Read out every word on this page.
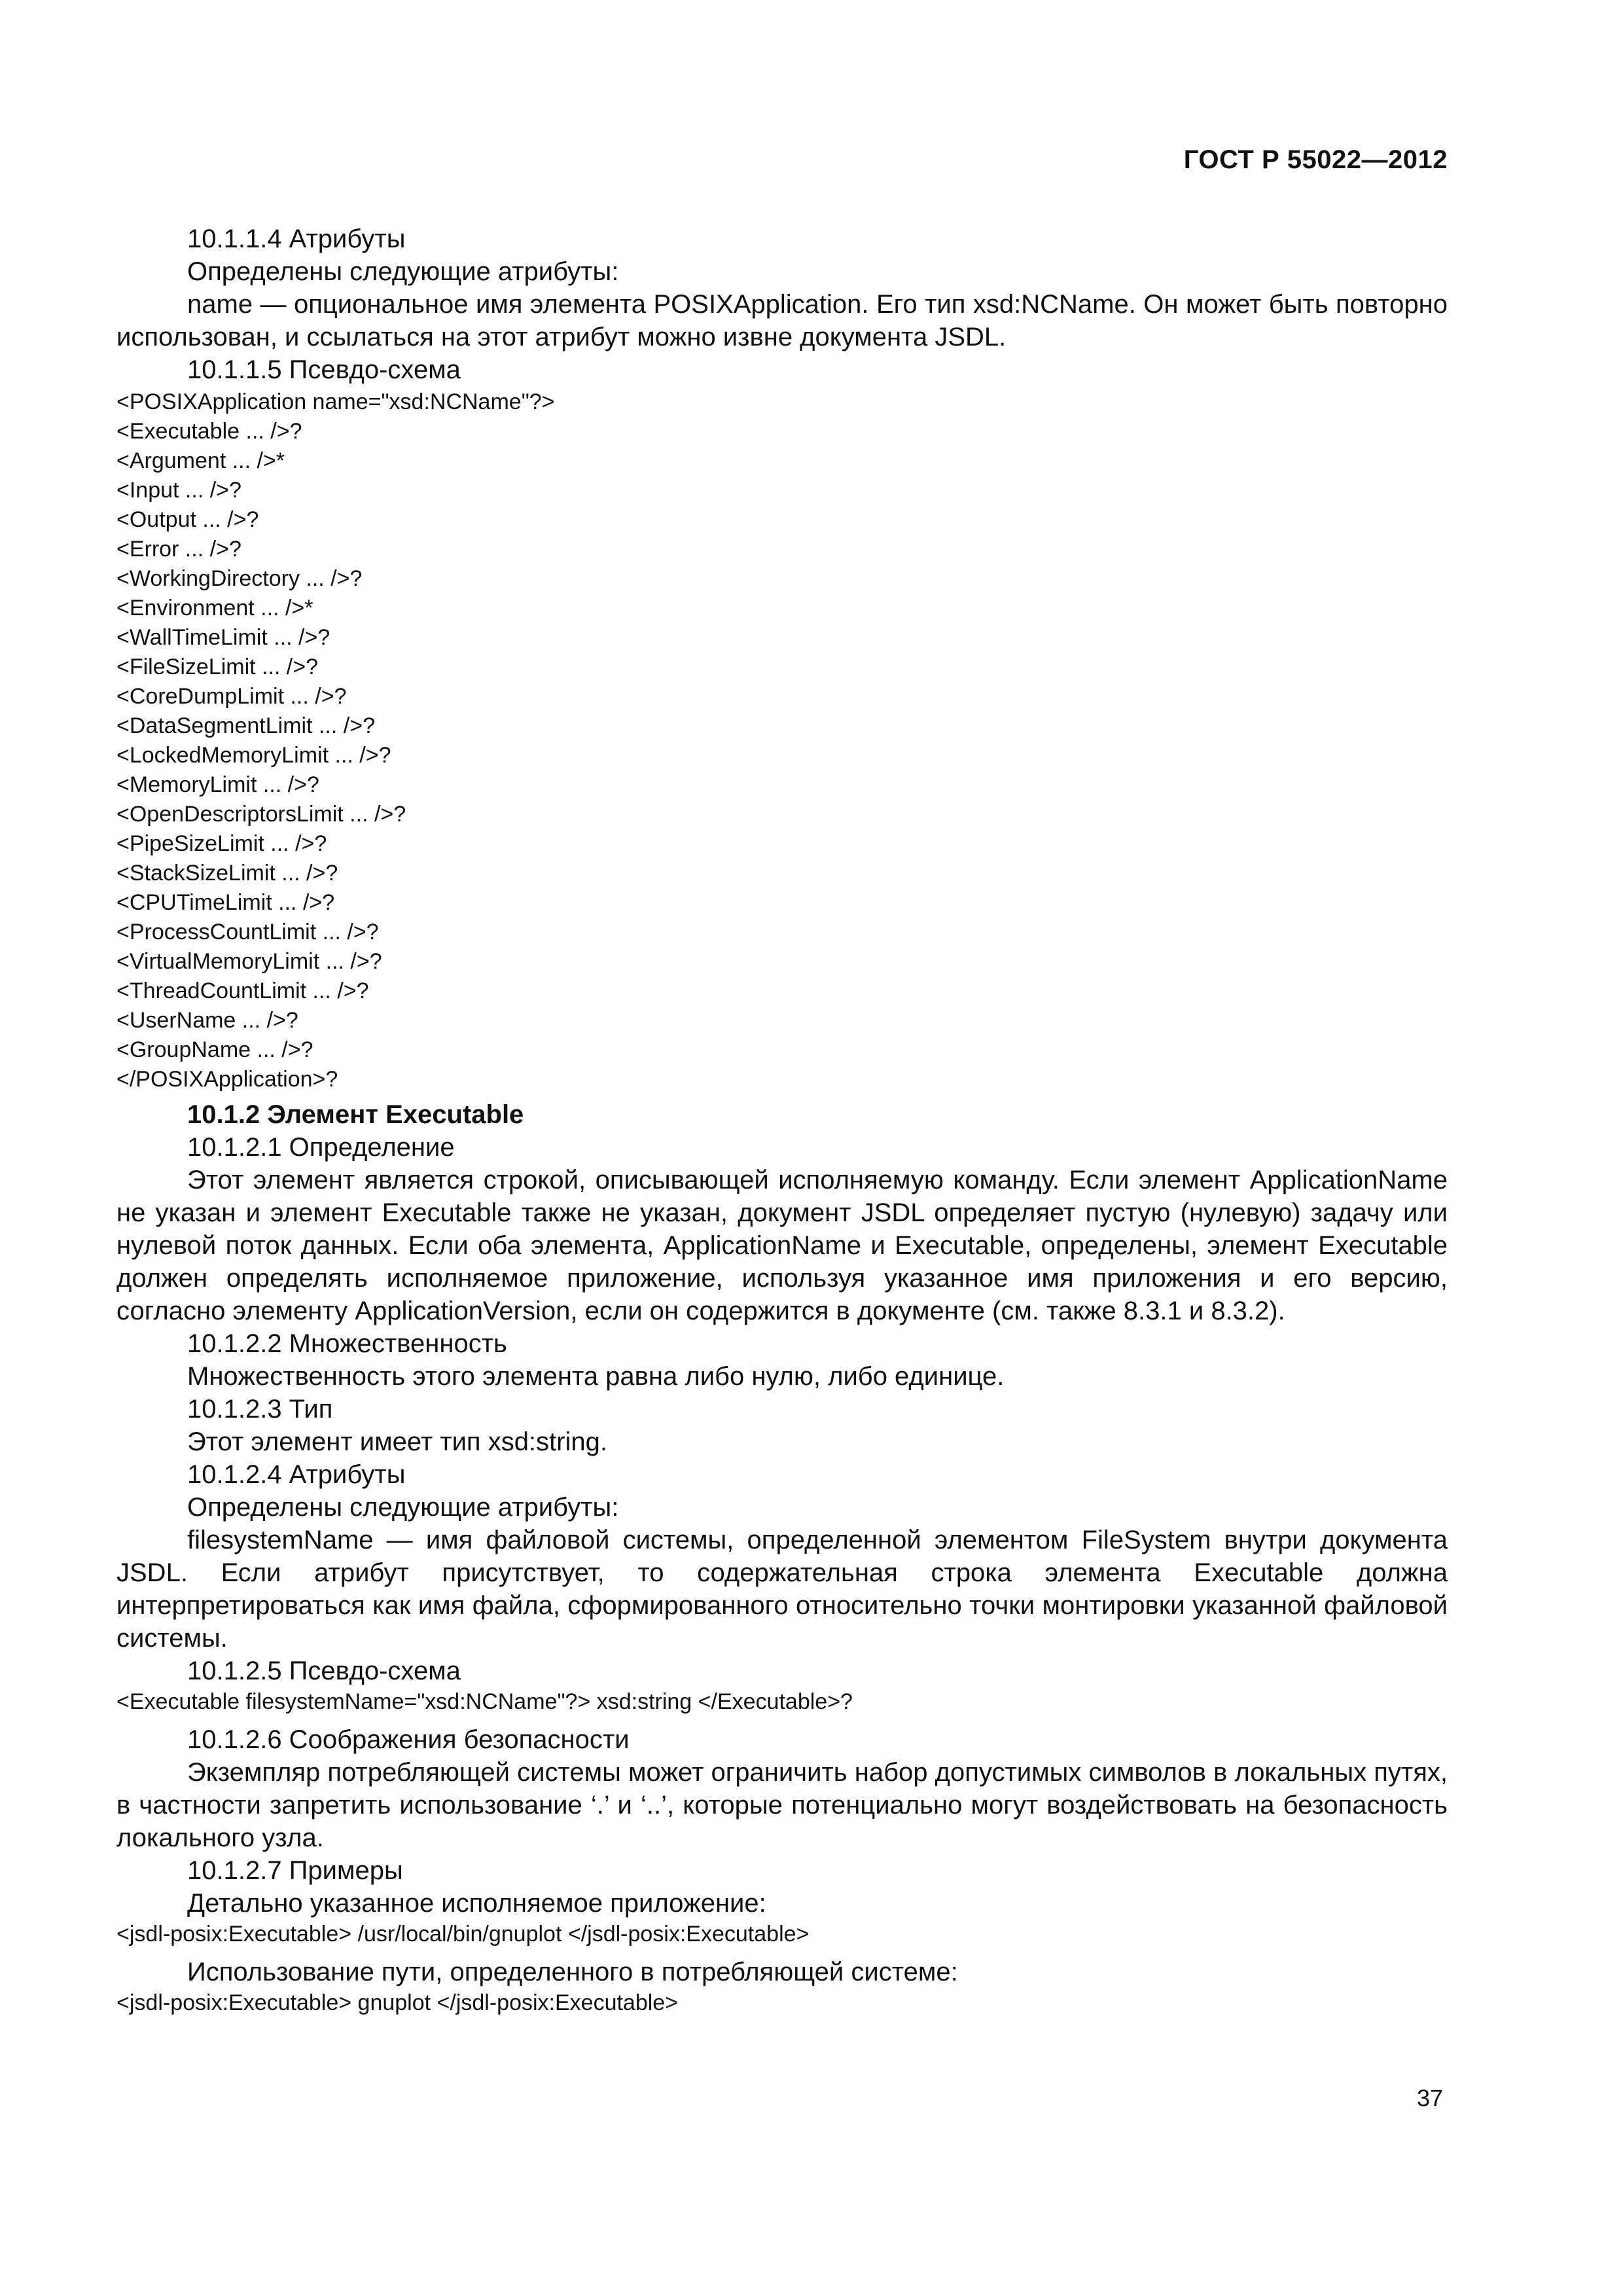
ГОСТ Р 55022—2012

10.1.1.4 Атрибуты

Определены следующие атрибуты:

name — опциональное имя элемента POSIXApplication. Его тип xsd:NCName. Он может быть повторно использован, и ссылаться на этот атрибут можно извне документа JSDL.

10.1.1.5 Псевдо-схема

<POSIXApplication name="xsd:NCName"?>

<Executable ... />?

<Argument ... />*

<Input ... />?

<Output ... />?

<Error ... />?

<WorkingDirectory ... />?

<Environment ... />*

<WallTimeLimit ... />?

<FileSizeLimit ... />?

<CoreDumpLimit ... />?

<DataSegmentLimit ... />?

<LockedMemoryLimit ... />?

<MemoryLimit ... />?

<OpenDescriptorsLimit ... />?

<PipeSizeLimit ... />?

<StackSizeLimit ... />?

<CPUTimeLimit ... />?

<ProcessCountLimit ... />?

<VirtualMemoryLimit ... />?

<ThreadCountLimit ... />?

<UserName ... />?

<GroupName ... />?

</POSIXApplication>?

10.1.2 Элемент Executable

10.1.2.1 Определение

Этот элемент является строкой, описывающей исполняемую команду. Если элемент ApplicationName не указан и элемент Executable также не указан, документ JSDL определяет пустую (нулевую) задачу или нулевой поток данных. Если оба элемента, ApplicationName и Executable, определены, элемент Executable должен определять исполняемое приложение, используя указанное имя приложения и его версию, согласно элементу ApplicationVersion, если он содержится в документе (см. также 8.3.1 и 8.3.2).

10.1.2.2 Множественность

Множественность этого элемента равна либо нулю, либо единице.

10.1.2.3 Тип

Этот элемент имеет тип xsd:string.

10.1.2.4 Атрибуты

Определены следующие атрибуты:

filesystemName — имя файловой системы, определенной элементом FileSystem внутри документа JSDL. Если атрибут присутствует, то содержательная строка элемента Executable должна интерпретироваться как имя файла, сформированного относительно точки монтировки указанной файловой системы.

10.1.2.5 Псевдо-схема

<Executable filesystemName="xsd:NCName"?> xsd:string </Executable>?

10.1.2.6 Соображения безопасности

Экземпляр потребляющей системы может ограничить набор допустимых символов в локальных путях, в частности запретить использование ‘.’ и ‘..’, которые потенциально могут воздействовать на безопасность локального узла.

10.1.2.7 Примеры

Детально указанное исполняемое приложение:

<jsdl-posix:Executable> /usr/local/bin/gnuplot </jsdl-posix:Executable>

Использование пути, определенного в потребляющей системе:

<jsdl-posix:Executable> gnuplot </jsdl-posix:Executable>

37
